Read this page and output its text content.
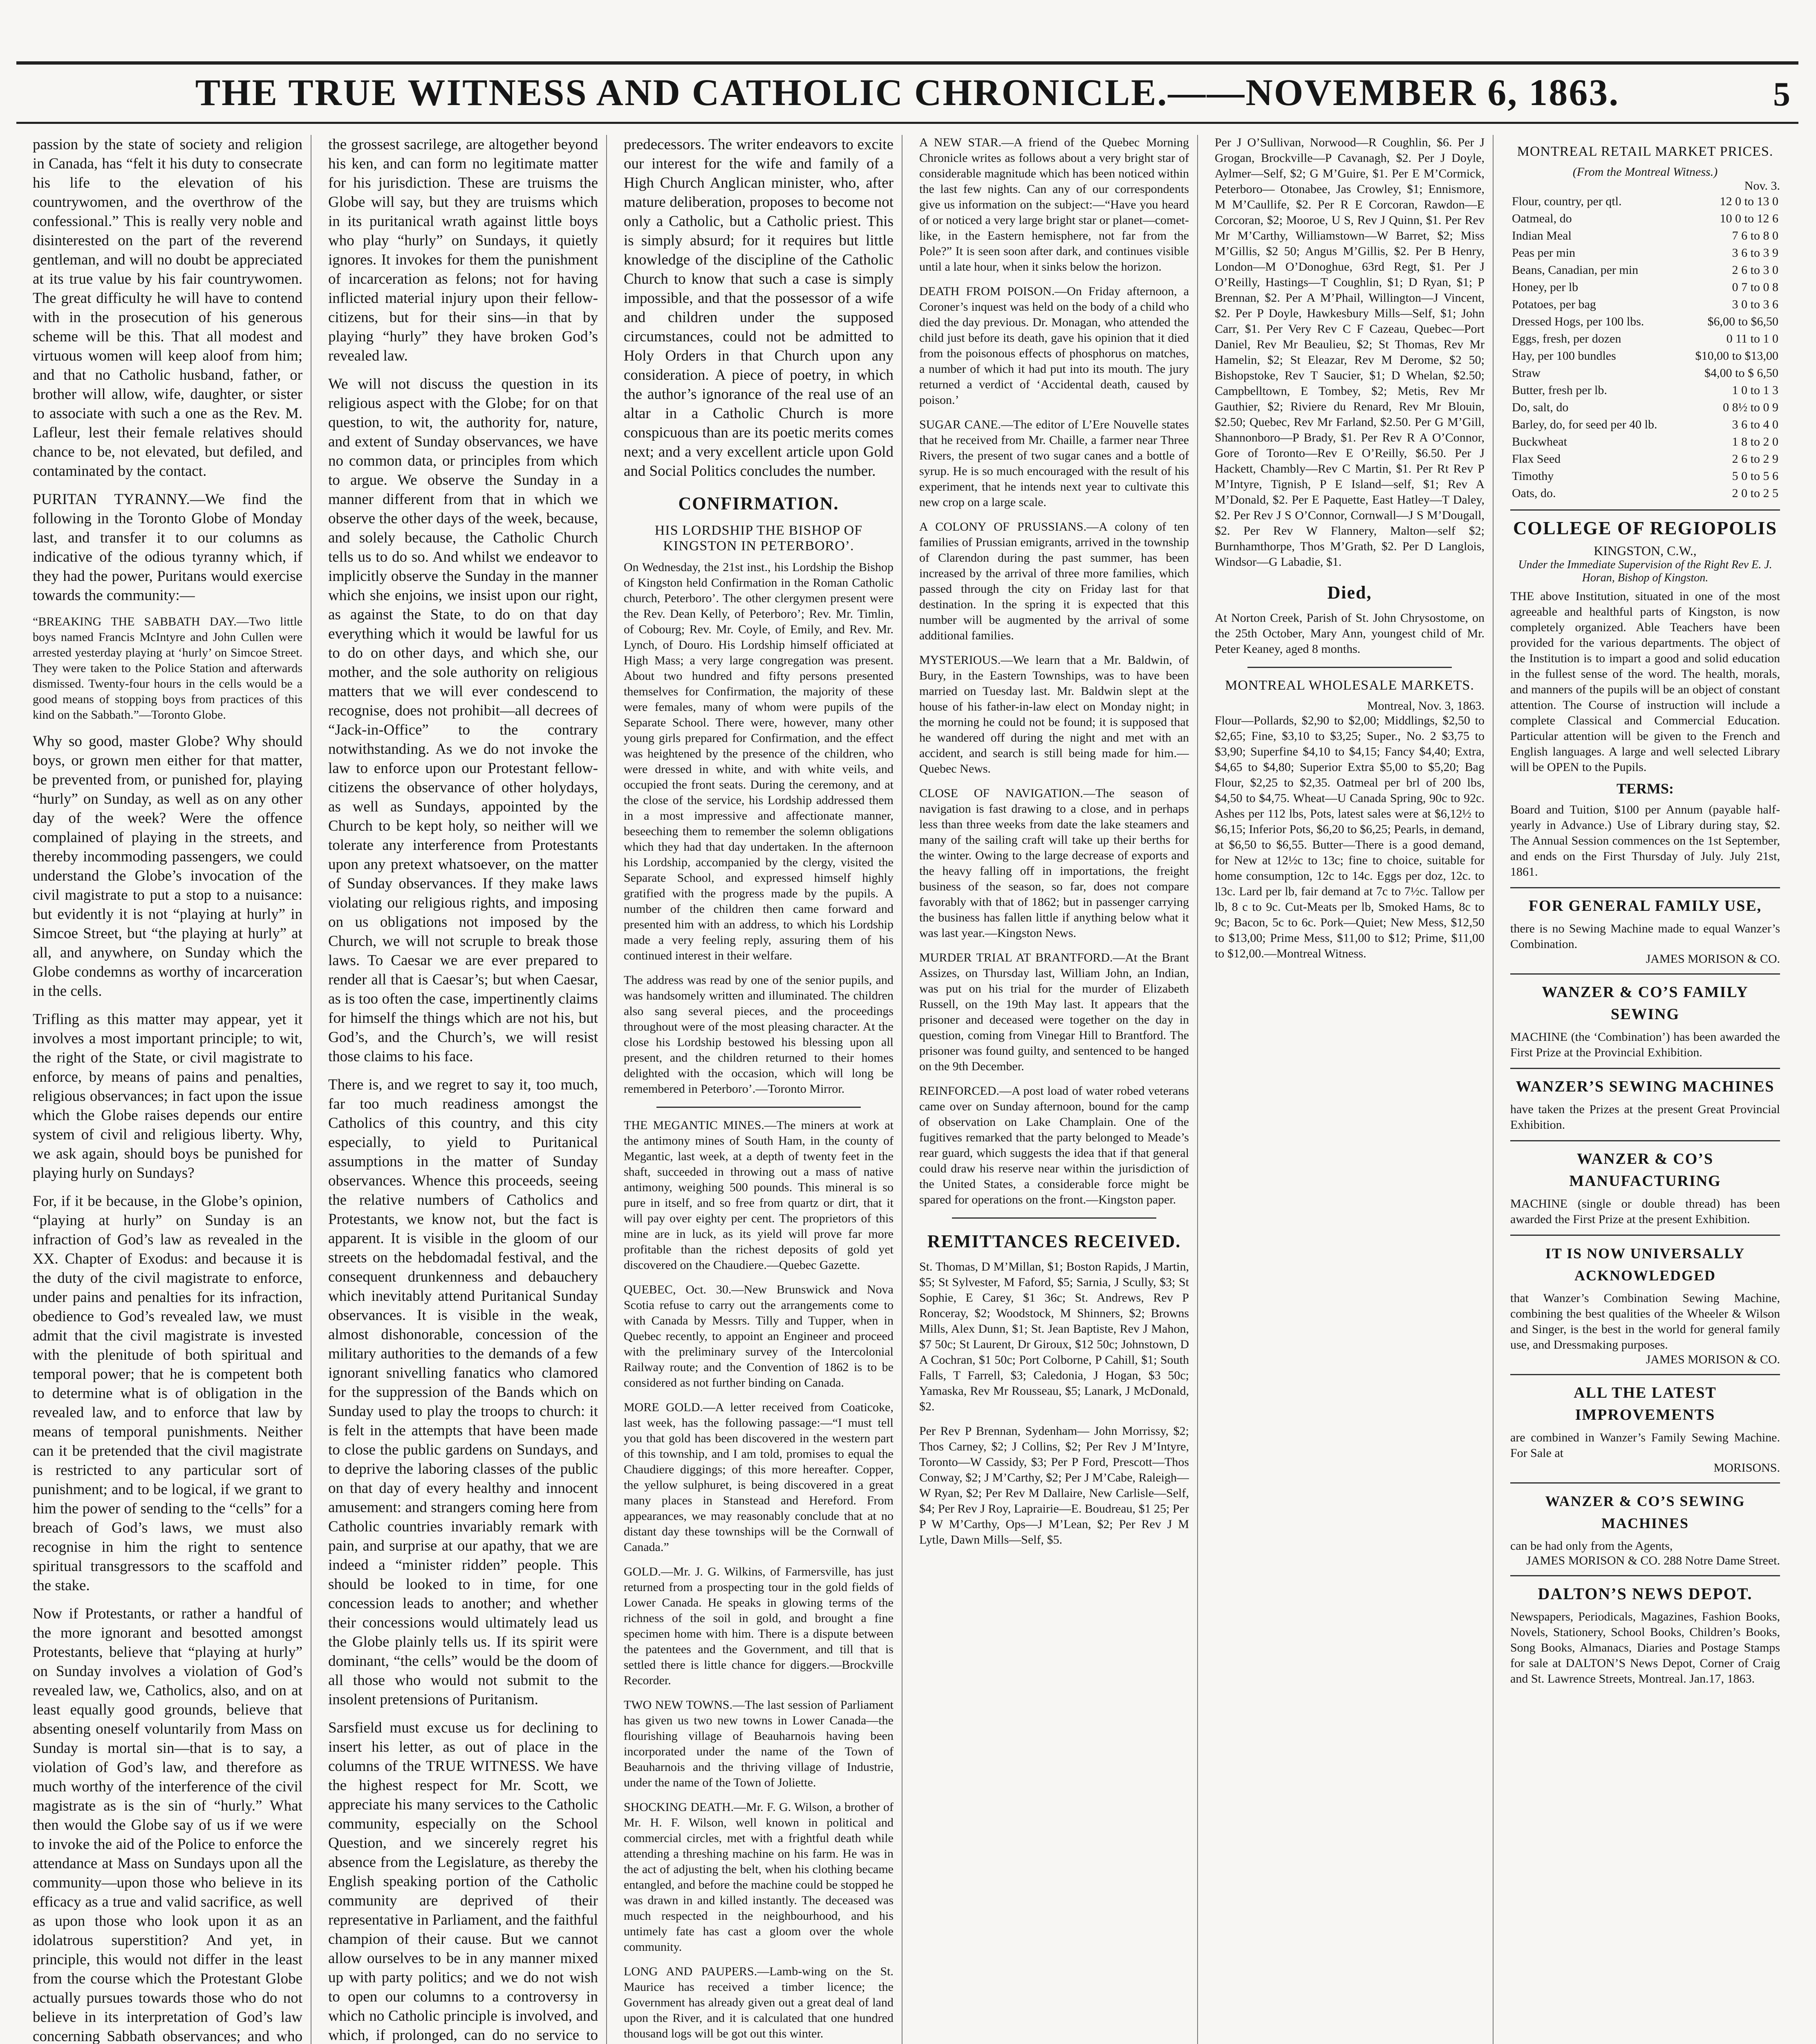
THE TRUE WITNESS AND CATHOLIC CHRONICLE.——NOVEMBER 6, 1863.	5

passion by the state of society and religion in Canada, has “felt it his duty to consecrate his life to the elevation of his countrywomen, and the overthrow of the confessional.” This is really very noble and disinterested on the part of the reverend gentleman, and will no doubt be appreciated at its true value by his fair countrywomen. The great difficulty he will have to contend with in the prosecution of his generous scheme will be this. That all modest and virtuous women will keep aloof from him; and that no Catholic husband, father, or brother will allow, wife, daughter, or sister to associate with such a one as the Rev. M. Lafleur, lest their female relatives should chance to be, not elevated, but defiled, and contaminated by the contact.

PURITAN TYRANNY.—We find the following in the Toronto Globe of Monday last, and transfer it to our columns as indicative of the odious tyranny which, if they had the power, Puritans would exercise towards the community:—

“BREAKING THE SABBATH DAY.—Two little boys named Francis McIntyre and John Cullen were arrested yesterday playing at ‘hurly’ on Simcoe Street. They were taken to the Police Station and afterwards dismissed. Twenty-four hours in the cells would be a good means of stopping boys from practices of this kind on the Sabbath.”—Toronto Globe.

Why so good, master Globe? Why should boys, or grown men either for that matter, be prevented from, or punished for, playing “hurly” on Sunday, as well as on any other day of the week? Were the offence complained of playing in the streets, and thereby incommoding passengers, we could understand the Globe’s invocation of the civil magistrate to put a stop to a nuisance: but evidently it is not “playing at hurly” in Simcoe Street, but “the playing at hurly” at all, and anywhere, on Sunday which the Globe condemns as worthy of incarceration in the cells.

Trifling as this matter may appear, yet it involves a most important principle; to wit, the right of the State, or civil magistrate to enforce, by means of pains and penalties, religious observances; in fact upon the issue which the Globe raises depends our entire system of civil and religious liberty. Why, we ask again, should boys be punished for playing hurly on Sundays?

For, if it be because, in the Globe’s opinion, “playing at hurly” on Sunday is an infraction of God’s law as revealed in the XX. Chapter of Exodus: and because it is the duty of the civil magistrate to enforce, under pains and penalties for its infraction, obedience to God’s revealed law, we must admit that the civil magistrate is invested with the plenitude of both spiritual and temporal power; that he is competent both to determine what is of obligation in the revealed law, and to enforce that law by means of temporal punishments. Neither can it be pretended that the civil magistrate is restricted to any particular sort of punishment; and to be logical, if we grant to him the power of sending to the “cells” for a breach of God’s laws, we must also recognise in him the right to sentence spiritual transgressors to the scaffold and the stake.

Now if Protestants, or rather a handful of the more ignorant and besotted amongst Protestants, believe that “playing at hurly” on Sunday involves a violation of God’s revealed law, we, Catholics, also, and on at least equally good grounds, believe that absenting oneself voluntarily from Mass on Sunday is mortal sin—that is to say, a violation of God’s law, and therefore as much worthy of the interference of the civil magistrate as is the sin of “hurly.” What then would the Globe say of us if we were to invoke the aid of the Police to enforce the attendance at Mass on Sundays upon all the community—upon those who believe in its efficacy as a true and valid sacrifice, as well as upon those who look upon it as an idolatrous superstition? And yet, in principle, this would not differ in the least from the course which the Protestant Globe actually pursues towards those who do not believe in its interpretation of God’s law concerning Sabbath observances; and who

the grossest sacrilege, are altogether beyond his ken, and can form no legitimate matter for his jurisdiction. These are truisms the Globe will say, but they are truisms which in its puritanical wrath against little boys who play “hurly” on Sundays, it quietly ignores. It invokes for them the punishment of incarceration as felons; not for having inflicted material injury upon their fellow-citizens, but for their sins—in that by playing “hurly” they have broken God’s revealed law.

We will not discuss the question in its religious aspect with the Globe; for on that question, to wit, the authority for, nature, and extent of Sunday observances, we have no common data, or principles from which to argue. We observe the Sunday in a manner different from that in which we observe the other days of the week, because, and solely because, the Catholic Church tells us to do so. And whilst we endeavor to implicitly observe the Sunday in the manner which she enjoins, we insist upon our right, as against the State, to do on that day everything which it would be lawful for us to do on other days, and which she, our mother, and the sole authority on religious matters that we will ever condescend to recognise, does not prohibit—all decrees of “Jack-in-Office” to the contrary notwithstanding. As we do not invoke the law to enforce upon our Protestant fellow-citizens the observance of other holydays, as well as Sundays, appointed by the Church to be kept holy, so neither will we tolerate any interference from Protestants upon any pretext whatsoever, on the matter of Sunday observances. If they make laws violating our religious rights, and imposing on us obligations not imposed by the Church, we will not scruple to break those laws. To Caesar we are ever prepared to render all that is Caesar’s; but when Caesar, as is too often the case, impertinently claims for himself the things which are not his, but God’s, and the Church’s, we will resist those claims to his face.

There is, and we regret to say it, too much, far too much readiness amongst the Catholics of this country, and this city especially, to yield to Puritanical assumptions in the matter of Sunday observances. Whence this proceeds, seeing the relative numbers of Catholics and Protestants, we know not, but the fact is apparent. It is visible in the gloom of our streets on the hebdomadal festival, and the consequent drunkenness and debauchery which inevitably attend Puritanical Sunday observances. It is visible in the weak, almost dishonorable, concession of the military authorities to the demands of a few ignorant snivelling fanatics who clamored for the suppression of the Bands which on Sunday used to play the troops to church: it is felt in the attempts that have been made to close the public gardens on Sundays, and to deprive the laboring classes of the public on that day of every healthy and innocent amusement: and strangers coming here from Catholic countries invariably remark with pain, and surprise at our apathy, that we are indeed a “minister ridden” people. This should be looked to in time, for one concession leads to another; and whether their concessions would ultimately lead us the Globe plainly tells us. If its spirit were dominant, “the cells” would be the doom of all those who would not submit to the insolent pretensions of Puritanism.

Sarsfield must excuse us for declining to insert his letter, as out of place in the columns of the TRUE WITNESS. We have the highest respect for Mr. Scott, we appreciate his many services to the Catholic community, especially on the School Question, and we sincerely regret his absence from the Legislature, as thereby the English speaking portion of the Catholic community are deprived of their representative in Parliament, and the faithful champion of their cause. But we cannot allow ourselves to be in any manner mixed up with party politics; and we do not wish to open our columns to a controversy in which no Catholic principle is involved, and which, if prolonged, can do no service to

predecessors. The writer endeavors to excite our interest for the wife and family of a High Church Anglican minister, who, after mature deliberation, proposes to become not only a Catholic, but a Catholic priest. This is simply absurd; for it requires but little knowledge of the discipline of the Catholic Church to know that such a case is simply impossible, and that the possessor of a wife and children under the supposed circumstances, could not be admitted to Holy Orders in that Church upon any consideration. A piece of poetry, in which the author’s ignorance of the real use of an altar in a Catholic Church is more conspicuous than are its poetic merits comes next; and a very excellent article upon Gold and Social Politics concludes the number.

CONFIRMATION.
HIS LORDSHIP THE BISHOP OF KINGSTON IN PETERBORO’.

On Wednesday, the 21st inst., his Lordship the Bishop of Kingston held Confirmation in the Roman Catholic church, Peterboro’. The other clergymen present were the Rev. Dean Kelly, of Peterboro’; Rev. Mr. Timlin, of Cobourg; Rev. Mr. Coyle, of Emily, and Rev. Mr. Lynch, of Douro. His Lordship himself officiated at High Mass; a very large congregation was present. About two hundred and fifty persons presented themselves for Confirmation, the majority of these were females, many of whom were pupils of the Separate School. There were, however, many other young girls prepared for Confirmation, and the effect was heightened by the presence of the children, who were dressed in white, and with white veils, and occupied the front seats. During the ceremony, and at the close of the service, his Lordship addressed them in a most impressive and affectionate manner, beseeching them to remember the solemn obligations which they had that day undertaken. In the afternoon his Lordship, accompanied by the clergy, visited the Separate School, and expressed himself highly gratified with the progress made by the pupils. A number of the children then came forward and presented him with an address, to which his Lordship made a very feeling reply, assuring them of his continued interest in their welfare.

The address was read by one of the senior pupils, and was handsomely written and illuminated. The children also sang several pieces, and the proceedings throughout were of the most pleasing character. At the close his Lordship bestowed his blessing upon all present, and the children returned to their homes delighted with the occasion, which will long be remembered in Peterboro’.—Toronto Mirror.

THE MEGANTIC MINES.—The miners at work at the antimony mines of South Ham, in the county of Megantic, last week, at a depth of twenty feet in the shaft, succeeded in throwing out a mass of native antimony, weighing 500 pounds. This mineral is so pure in itself, and so free from quartz or dirt, that it will pay over eighty per cent. The proprietors of this mine are in luck, as its yield will prove far more profitable than the richest deposits of gold yet discovered on the Chaudiere.—Quebec Gazette.

QUEBEC, Oct. 30.—New Brunswick and Nova Scotia refuse to carry out the arrangements come to with Canada by Messrs. Tilly and Tupper, when in Quebec recently, to appoint an Engineer and proceed with the preliminary survey of the Intercolonial Railway route; and the Convention of 1862 is to be considered as not further binding on Canada.

MORE GOLD.—A letter received from Coaticoke, last week, has the following passage:—“I must tell you that gold has been discovered in the western part of this township, and I am told, promises to equal the Chaudiere diggings; of this more hereafter. Copper, the yellow sulphuret, is being discovered in a great many places in Stanstead and Hereford. From appearances, we may reasonably conclude that at no distant day these townships will be the Cornwall of Canada.”

GOLD.—Mr. J. G. Wilkins, of Farmersville, has just returned from a prospecting tour in the gold fields of Lower Canada. He speaks in glowing terms of the richness of the soil in gold, and brought a fine specimen home with him. There is a dispute between the patentees and the Government, and till that is settled there is little chance for diggers.—Brockville Recorder.

TWO NEW TOWNS.—The last session of Parliament has given us two new towns in Lower Canada—the flourishing village of Beauharnois having been incorporated under the name of the Town of Beauharnois and the thriving village of Industrie, under the name of the Town of Joliette.

SHOCKING DEATH.—Mr. F. G. Wilson, a brother of Mr. H. F. Wilson, well known in political and commercial circles, met with a frightful death while attending a threshing machine on his farm. He was in the act of adjusting the belt, when his clothing became entangled, and before the machine could be stopped he was drawn in and killed instantly. The deceased was much respected in the neighbourhood, and his untimely fate has cast a gloom over the whole community.

LONG AND PAUPERS.—Lamb-wing on the St. Maurice has received a timber licence; the Government has already given out a great deal of land upon the River, and it is calculated that one hundred thousand logs will be got out this winter.

A NEW STAR.—A friend of the Quebec Morning Chronicle writes as follows about a very bright star of considerable magnitude which has been noticed within the last few nights. Can any of our correspondents give us information on the subject:—“Have you heard of or noticed a very large bright star or planet—comet-like, in the Eastern hemisphere, not far from the Pole?” It is seen soon after dark, and continues visible until a late hour, when it sinks below the horizon.

DEATH FROM POISON.—On Friday afternoon, a Coroner’s inquest was held on the body of a child who died the day previous. Dr. Monagan, who attended the child just before its death, gave his opinion that it died from the poisonous effects of phosphorus on matches, a number of which it had put into its mouth. The jury returned a verdict of ‘Accidental death, caused by poison.’

SUGAR CANE.—The editor of L’Ere Nouvelle states that he received from Mr. Chaille, a farmer near Three Rivers, the present of two sugar canes and a bottle of syrup. He is so much encouraged with the result of his experiment, that he intends next year to cultivate this new crop on a large scale.

A COLONY OF PRUSSIANS.—A colony of ten families of Prussian emigrants, arrived in the township of Clarendon during the past summer, has been increased by the arrival of three more families, which passed through the city on Friday last for that destination. In the spring it is expected that this number will be augmented by the arrival of some additional families.

MYSTERIOUS.—We learn that a Mr. Baldwin, of Bury, in the Eastern Townships, was to have been married on Tuesday last. Mr. Baldwin slept at the house of his father-in-law elect on Monday night; in the morning he could not be found; it is supposed that he wandered off during the night and met with an accident, and search is still being made for him.—Quebec News.

CLOSE OF NAVIGATION.—The season of navigation is fast drawing to a close, and in perhaps less than three weeks from date the lake steamers and many of the sailing craft will take up their berths for the winter. Owing to the large decrease of exports and the heavy falling off in importations, the freight business of the season, so far, does not compare favorably with that of 1862; but in passenger carrying the business has fallen little if anything below what it was last year.—Kingston News.

MURDER TRIAL AT BRANTFORD.—At the Brant Assizes, on Thursday last, William John, an Indian, was put on his trial for the murder of Elizabeth Russell, on the 19th May last. It appears that the prisoner and deceased were together on the day in question, coming from Vinegar Hill to Brantford. The prisoner was found guilty, and sentenced to be hanged on the 9th December.

REINFORCED.—A post load of water robed veterans came over on Sunday afternoon, bound for the camp of observation on Lake Champlain. One of the fugitives remarked that the party belonged to Meade’s rear guard, which suggests the idea that if that general could draw his reserve near within the jurisdiction of the United States, a considerable force might be spared for operations on the front.—Kingston paper.

REMITTANCES RECEIVED.

St. Thomas, D M’Millan, $1; Boston Rapids, J Martin, $5; St Sylvester, M Faford, $5; Sarnia, J Scully, $3; St Sophie, E Carey, $1 36c; St. Andrews, Rev P Ronceray, $2; Woodstock, M Shinners, $2; Browns Mills, Alex Dunn, $1; St. Jean Baptiste, Rev J Mahon, $7 50c; St Laurent, Dr Giroux, $12 50c; Johnstown, D A Cochran, $1 50c; Port Colborne, P Cahill, $1; South Falls, T Farrell, $3; Caledonia, J Hogan, $3 50c; Yamaska, Rev Mr Rousseau, $5; Lanark, J McDonald, $2.

Per Rev P Brennan, Sydenham— John Morrissy, $2; Thos Carney, $2; J Collins, $2; Per Rev J M’Intyre, Toronto—W Cassidy, $3; Per P Ford, Prescott—Thos Conway, $2; J M’Carthy, $2; Per J M’Cabe, Raleigh— W Ryan, $2; Per Rev M Dallaire, New Carlisle—Self, $4; Per Rev J Roy, Laprairie—E. Boudreau, $1 25; Per P W M’Carthy, Ops—J M’Lean, $2; Per Rev J M Lytle, Dawn Mills—Self, $5.

Per J O’Sullivan, Norwood—R Coughlin, $6. Per J Grogan, Brockville—P Cavanagh, $2. Per J Doyle, Aylmer—Self, $2; G M’Guire, $1. Per E M’Cormick, Peterboro— Otonabee, Jas Crowley, $1; Ennismore, M M’Caullife, $2. Per R E Corcoran, Rawdon—E Corcoran, $2; Mooroe, U S, Rev J Quinn, $1. Per Rev Mr M’Carthy, Williamstown—W Barret, $2; Miss M’Gillis, $2 50; Angus M’Gillis, $2. Per B Henry, London—M O’Donoghue, 63rd Regt, $1. Per J O’Reilly, Hastings—T Coughlin, $1; D Ryan, $1; P Brennan, $2. Per A M’Phail, Willington—J Vincent, $2. Per P Doyle, Hawkesbury Mills—Self, $1; John Carr, $1. Per Very Rev C F Cazeau, Quebec—Port Daniel, Rev Mr Beaulieu, $2; St Thomas, Rev Mr Hamelin, $2; St Eleazar, Rev M Derome, $2 50; Bishopstoke, Rev T Saucier, $1; D Whelan, $2.50; Campbelltown, E Tombey, $2; Metis, Rev Mr Gauthier, $2; Riviere du Renard, Rev Mr Blouin, $2.50; Quebec, Rev Mr Farland, $2.50. Per G M’Gill, Shannonboro—P Brady, $1. Per Rev R A O’Connor, Gore of Toronto—Rev E O’Reilly, $6.50. Per J Hackett, Chambly—Rev C Martin, $1. Per Rt Rev P M’Intyre, Tignish, P E Island—self, $1; Rev A M’Donald, $2. Per E Paquette, East Hatley—T Daley, $2. Per Rev J S O’Connor, Cornwall—J S M’Dougall, $2. Per Rev W Flannery, Malton—self $2; Burnhamthorpe, Thos M’Grath, $2. Per D Langlois, Windsor—G Labadie, $1.

Died,

At Norton Creek, Parish of St. John Chrysostome, on the 25th October, Mary Ann, youngest child of Mr. Peter Keaney, aged 8 months.

MONTREAL WHOLESALE MARKETS.
Montreal, Nov. 3, 1863.

Flour—Pollards, $2,90 to $2,00; Middlings, $2,50 to $2,65; Fine, $3,10 to $3,25; Super., No. 2 $3,75 to $3,90; Superfine $4,10 to $4,15; Fancy $4,40; Extra, $4,65 to $4,80; Superior Extra $5,00 to $5,20; Bag Flour, $2,25 to $2,35. Oatmeal per brl of 200 lbs, $4,50 to $4,75. Wheat—U Canada Spring, 90c to 92c. Ashes per 112 lbs, Pots, latest sales were at $6,12½ to $6,15; Inferior Pots, $6,20 to $6,25; Pearls, in demand, at $6,50 to $6,55. Butter—There is a good demand, for New at 12½c to 13c; fine to choice, suitable for home consumption, 12c to 14c. Eggs per doz, 12c. to 13c. Lard per lb, fair demand at 7c to 7½c. Tallow per lb, 8 c to 9c. Cut-Meats per lb, Smoked Hams, 8c to 9c; Bacon, 5c to 6c. Pork—Quiet; New Mess, $12,50 to $13,00; Prime Mess, $11,00 to $12; Prime, $11,00 to $12,00.—Montreal Witness.

MONTREAL RETAIL MARKET PRICES.
(From the Montreal Witness.)
Nov. 3.
Flour, country, per qtl.	12 0 to 13 0
Oatmeal, do	10 0 to 12 6
Indian Meal	7 6 to 8 0
Peas per min	3 6 to 3 9
Beans, Canadian, per min	2 6 to 3 0
Honey, per lb	0 7 to 0 8
Potatoes, per bag	3 0 to 3 6
Dressed Hogs, per 100 lbs.	$6,00 to $6,50
Eggs, fresh, per dozen	0 11 to 1 0
Hay, per 100 bundles	$10,00 to $13,00
Straw	$4,00 to $ 6,50
Butter, fresh per lb.	1 0 to 1 3
Do, salt, do	0 8½ to 0 9
Barley, do, for seed per 40 lb.	3 6 to 4 0
Buckwheat	1 8 to 2 0
Flax Seed	2 6 to 2 9
Timothy	5 0 to 5 6
Oats, do.	2 0 to 2 5
COLLEGE OF REGIOPOLIS
KINGSTON, C.W.,
Under the Immediate Supervision of the Right Rev E. J. Horan, Bishop of Kingston.
THE above Institution, situated in one of the most agreeable and healthful parts of Kingston, is now completely organized. Able Teachers have been provided for the various departments. The object of the Institution is to impart a good and solid education in the fullest sense of the word. The health, morals, and manners of the pupils will be an object of constant attention. The Course of instruction will include a complete Classical and Commercial Education. Particular attention will be given to the French and English languages. A large and well selected Library will be OPEN to the Pupils.
TERMS:
Board and Tuition, $100 per Annum (payable half-yearly in Advance.) Use of Library during stay, $2. The Annual Session commences on the 1st September, and ends on the First Thursday of July. July 21st, 1861.
FOR GENERAL FAMILY USE,
there is no Sewing Machine made to equal Wanzer’s Combination.
JAMES MORISON & CO.
WANZER & CO’S FAMILY SEWING
MACHINE (the ‘Combination’) has been awarded the First Prize at the Provincial Exhibition.
WANZER’S SEWING MACHINES
have taken the Prizes at the present Great Provincial Exhibition.
WANZER & CO’S MANUFACTURING
MACHINE (single or double thread) has been awarded the First Prize at the present Exhibition.
IT IS NOW UNIVERSALLY ACKNOWLEDGED
that Wanzer’s Combination Sewing Machine, combining the best qualities of the Wheeler & Wilson and Singer, is the best in the world for general family use, and Dressmaking purposes.
JAMES MORISON & CO.
ALL THE LATEST IMPROVEMENTS
are combined in Wanzer’s Family Sewing Machine. For Sale at
MORISONS.
WANZER & CO’S SEWING MACHINES
can be had only from the Agents,
JAMES MORISON & CO. 288 Notre Dame Street.
DALTON’S NEWS DEPOT.
Newspapers, Periodicals, Magazines, Fashion Books, Novels, Stationery, School Books, Children’s Books, Song Books, Almanacs, Diaries and Postage Stamps for sale at DALTON’S News Depot, Corner of Craig and St. Lawrence Streets, Montreal. Jan.17, 1863.
